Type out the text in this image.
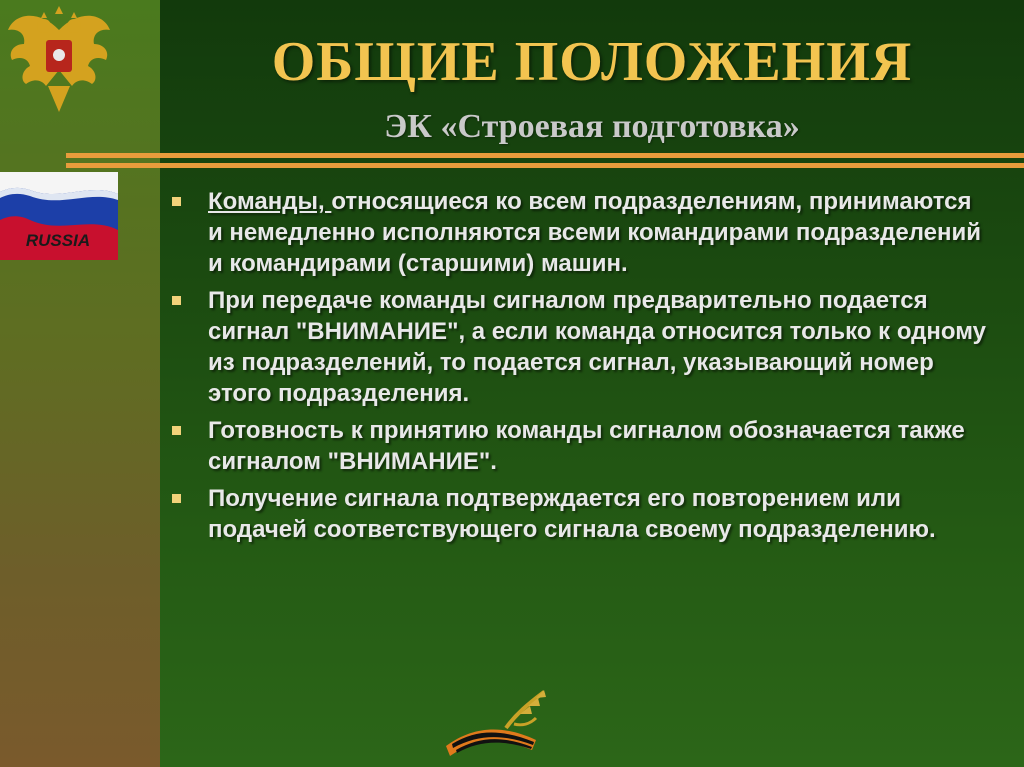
RUSSIA
ОБЩИЕ ПОЛОЖЕНИЯ
ЭК «Строевая подготовка»
Команды, относящиеся ко всем подразделениям, принимаются и немедленно исполняются всеми командирами подразделений и командирами (старшими) машин.
При передаче команды сигналом предварительно подается сигнал "ВНИМАНИЕ", а если команда относится только к одному из подразделений, то подается сигнал, указывающий номер этого подразделения.
Готовность к принятию команды сигналом обозначается также сигналом "ВНИМАНИЕ".
Получение сигнала подтверждается его повторением или подачей соответствующего сигнала своему подразделению.
